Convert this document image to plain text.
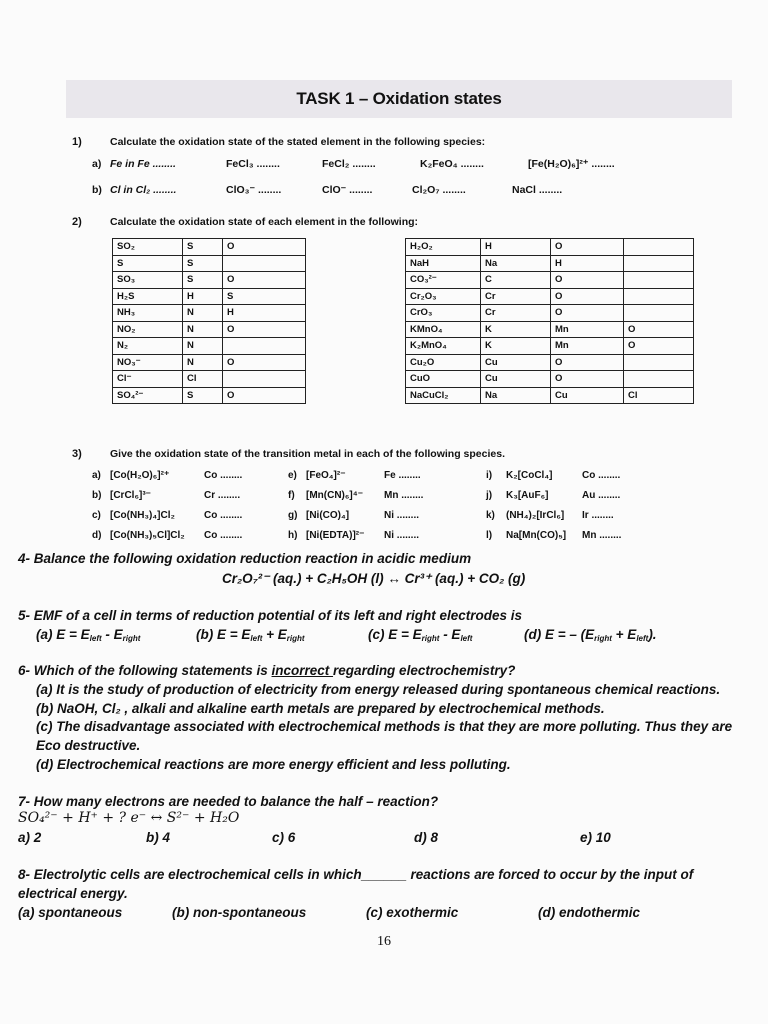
TASK 1 – Oxidation states
1)	Calculate the oxidation state of the stated element in the following species:
a) Fe in Fe ........	FeCl₃ ........	FeCl₂ ........	K₂FeO₄ ........	[Fe(H₂O)₆]²⁺ ........
b) Cl in Cl₂ ........	ClO₃⁻ ........	ClO⁻ ........	Cl₂O₇ ........	NaCl ........
2)	Calculate the oxidation state of each element in the following:
SO₂	S	O
S	S	
SO₃	S	O
H₂S	H	S
NH₃	N	H
NO₂	N	O
N₂	N	
NO₃⁻	N	O
Cl⁻	Cl	
SO₄²⁻	S	O
H₂O₂	H	O	
NaH	Na	H	
CO₃²⁻	C	O	
Cr₂O₃	Cr	O	
CrO₃	Cr	O	
KMnO₄	K	Mn	O
K₂MnO₄	K	Mn	O
Cu₂O	Cu	O	
CuO	Cu	O	
NaCuCl₂	Na	Cu	Cl
3)	Give the oxidation state of the transition metal in each of the following species.
a) [Co(H₂O)₆]²⁺	Co ........
b) [CrCl₆]³⁻	Cr ........
c) [Co(NH₃)₄]Cl₂	Co ........
d) [Co(NH₃)₅Cl]Cl₂ Co ........
e) [FeO₄]²⁻	Fe ........
f) [Mn(CN)₆]⁴⁻ Mn ........
g) [Ni(CO)₄]	Ni ........
h) [Ni(EDTA)]²⁻ Ni ........
i) K₂[CoCl₄]	Co ........
j) K₃[AuF₆]	Au ........
k) (NH₄)₂[IrCl₆] Ir ........
l) Na[Mn(CO)₅] Mn ........
4- Balance the following oxidation reduction reaction in acidic medium
Cr₂O₇²⁻ (aq.) + C₂H₅OH (l) ↔ Cr³⁺ (aq.) + CO₂ (g)
5- EMF of a cell in terms of reduction potential of its left and right electrodes is
(a) $E = E_{left} - E_{right}$	(b) $E = E_{left} + E_{right}$	(c) $E = E_{right} - E_{left}$	(d) E = – $(E_{right} + E_{left})$.
6- Which of the following statements is incorrect regarding electrochemistry?
(a) It is the study of production of electricity from energy released during spontaneous chemical reactions.
(b) NaOH, Cl₂ , alkali and alkaline earth metals are prepared by electrochemical methods.
(c) The disadvantage associated with electrochemical methods is that they are more polluting. Thus they are
Eco destructive.
(d) Electrochemical reactions are more energy efficient and less polluting.
7- How many electrons are needed to balance the half – reaction?
SO₄²⁻ + H⁺ + ? e⁻ ↔ S²⁻ + H₂O
a) 2	b) 4	c) 6	d) 8	e) 10
8- Electrolytic cells are electrochemical cells in which______ reactions are forced to occur by the input of
electrical energy.
(a) spontaneous	(b) non-spontaneous	(c) exothermic	(d) endothermic
16
